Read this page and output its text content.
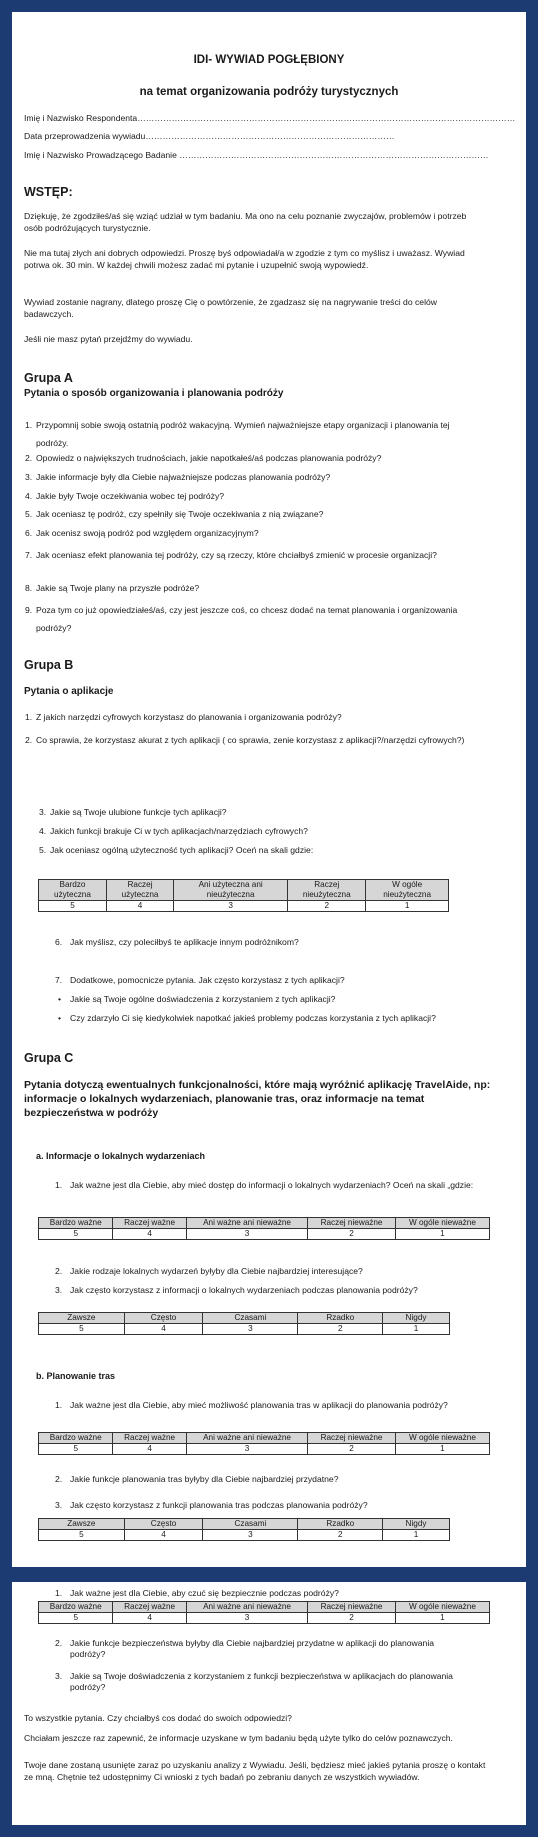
IDI- WYWIAD POGŁĘBIONY
na temat organizowania podróży turystycznych
Imię i Nazwisko Respondenta……………………………………………………………………………………………………………………
Data przeprowadzenia wywiadu……………………………………………………………………………
Imię i Nazwisko Prowadzącego Badanie ………………………………………………………………………………………………
WSTĘP:
Dziękuję, że zgodziłeś/aś się wziąć udział w tym badaniu. Ma ono na celu poznanie zwyczajów, problemów i potrzeb osób podróżujących turystycznie.
Nie ma tutaj złych ani dobrych odpowiedzi. Proszę byś odpowiadał/a w zgodzie z tym co myślisz i uważasz. Wywiad potrwa ok. 30 min. W każdej chwili możesz zadać mi pytanie i uzupełnić swoją wypowiedź.
Wywiad zostanie nagrany, dlatego proszę Cię o powtórzenie, że zgadzasz się na nagrywanie treści do celów badawczych.
Jeśli nie masz pytań przejdźmy do wywiadu.
Grupa A
Pytania o sposób organizowania i planowania podróży
1. Przypomnij sobie swoją ostatnią podróż wakacyjną. Wymień najważniejsze etapy organizacji i planowania tej podróży.
2. Opowiedz o największych trudnościach, jakie napotkałeś/aś podczas planowania podróży?
3. Jakie informacje były dla Ciebie najważniejsze podczas planowania podróży?
4. Jakie były Twoje oczekiwania wobec tej podróży?
5. Jak oceniasz tę podróż, czy spełniły się Twoje oczekiwania z nią związane?
6. Jak ocenisz swoją podróż pod względem organizacyjnym?
7. Jak oceniasz efekt planowania tej podróży, czy są rzeczy, które chciałbyś zmienić w procesie organizacji?
8. Jakie są Twoje plany na przyszłe podróże?
9. Poza tym co już opowiedziałeś/aś, czy jest jeszcze coś, co chcesz dodać na temat planowania i organizowania podróży?
Grupa B
Pytania o aplikacje
1. Z jakich narzędzi cyfrowych korzystasz do planowania i organizowania podróży?
2. Co sprawia, że korzystasz akurat z tych aplikacji ( co sprawia, zenie korzystasz z aplikacji?/narzędzi cyfrowych?)
3. Jakie są Twoje ulubione funkcje tych aplikacji?
4. Jakich funkcji brakuje Ci w tych aplikacjach/narzędziach cyfrowych?
5. Jak oceniasz ogólną użyteczność tych aplikacji? Oceń na skali gdzie:
Bardzo użyteczna	Raczej użyteczna	Ani użyteczna ani nieużyteczna	Raczej nieużyteczna	W ogóle nieużyteczna
5	4	3	2	1
6. Jak myślisz, czy poleciłbyś te aplikacje innym podróżnikom?
7. Dodatkowe, pomocnicze pytania. Jak często korzystasz z tych aplikacji?
• Jakie są Twoje ogólne doświadczenia z korzystaniem z tych aplikacji?
• Czy zdarzyło Ci się kiedykolwiek napotkać jakieś problemy podczas korzystania z tych aplikacji?
Grupa C
Pytania dotyczą ewentualnych funkcjonalności, które mają wyróżnić aplikację TravelAide, np: informacje o lokalnych wydarzeniach, planowanie tras, oraz informacje na temat bezpieczeństwa w podróży
a. Informacje o lokalnych wydarzeniach
1. Jak ważne jest dla Ciebie, aby mieć dostęp do informacji o lokalnych wydarzeniach? Oceń na skali „gdzie:
Bardzo ważne	Raczej ważne	Ani ważne ani nieważne	Raczej nieważne	W ogóle nieważne
5	4	3	2	1
2. Jakie rodzaje lokalnych wydarzeń byłyby dla Ciebie najbardziej interesujące?
3. Jak często korzystasz z informacji o lokalnych wydarzeniach podczas planowania podróży?
Zawsze	Często	Czasami	Rzadko	Nigdy
5	4	3	2	1
b. Planowanie tras
1. Jak ważne jest dla Ciebie, aby mieć możliwość planowania tras w aplikacji do planowania podróży?
Bardzo ważne	Raczej ważne	Ani ważne ani nieważne	Raczej nieważne	W ogóle nieważne
5	4	3	2	1
2. Jakie funkcje planowania tras byłyby dla Ciebie najbardziej przydatne?
3. Jak często korzystasz z funkcji planowania tras podczas planowania podróży?
Zawsze	Często	Czasami	Rzadko	Nigdy
5	4	3	2	1
1. Jak ważne jest dla Ciebie, aby czuć się bezpiecznie podczas podróży?
Bardzo ważne	Raczej ważne	Ani ważne ani nieważne	Raczej nieważne	W ogóle nieważne
5	4	3	2	1
2. Jakie funkcje bezpieczeństwa byłyby dla Ciebie najbardziej przydatne w aplikacji do planowania podróży?
3. Jakie są Twoje doświadczenia z korzystaniem z funkcji bezpieczeństwa w aplikacjach do planowania podróży?
To wszystkie pytania. Czy chciałbyś cos dodać do swoich odpowiedzi?
Chciałam jeszcze raz zapewnić, że informacje uzyskane w tym badaniu będą użyte tylko do celów poznawczych.
Twoje dane zostaną usunięte zaraz po uzyskaniu analizy z Wywiadu. Jeśli, będziesz mieć jakieś pytania proszę o kontakt ze mną. Chętnie też udostępnimy Ci wnioski z tych badań po zebraniu danych ze wszystkich wywiadów.
